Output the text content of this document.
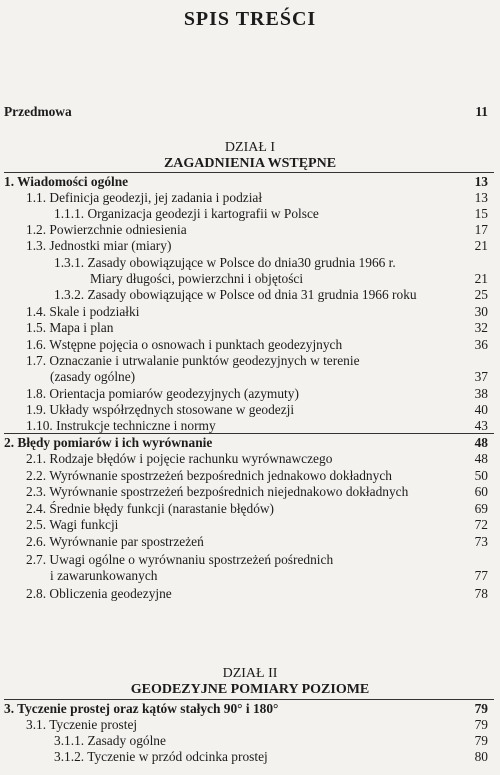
SPIS TREŚCI
Przedmowa	11
DZIAŁ I
ZAGADNIENIA WSTĘPNE
1. Wiadomości ogólne	13
1.1. Definicja geodezji, jej zadania i podział	13
1.1.1. Organizacja geodezji i kartografii w Polsce	15
1.2. Powierzchnie odniesienia	17
1.3. Jednostki miar (miary)	21
1.3.1. Zasady obowiązujące w Polsce do dnia30 grudnia 1966 r.
Miary długości, powierzchni i objętości	21
1.3.2. Zasady obowiązujące w Polsce od dnia 31 grudnia 1966 roku	25
1.4. Skale i podziałki	30
1.5. Mapa i plan	32
1.6. Wstępne pojęcia o osnowach i punktach geodezyjnych	36
1.7. Oznaczanie i utrwalanie punktów geodezyjnych w terenie
(zasady ogólne)	37
1.8. Orientacja pomiarów geodezyjnych (azymuty)	38
1.9. Układy współrzędnych stosowane w geodezji	40
1.10. Instrukcje techniczne i normy	43
2. Błędy pomiarów i ich wyrównanie	48
2.1. Rodzaje błędów i pojęcie rachunku wyrównawczego	48
2.2. Wyrównanie spostrzeżeń bezpośrednich jednakowo dokładnych	50
2.3. Wyrównanie spostrzeżeń bezpośrednich niejednakowo dokładnych	60
2.4. Średnie błędy funkcji (narastanie błędów)	69
2.5. Wagi funkcji	72
2.6. Wyrównanie par spostrzeżeń	73
2.7. Uwagi ogólne o wyrównaniu spostrzeżeń pośrednich
i zawarunkowanych	77
2.8. Obliczenia geodezyjne	78
DZIAŁ II
GEODEZYJNE POMIARY POZIOME
3. Tyczenie prostej oraz kątów stałych 90° i 180°	79
3.1. Tyczenie prostej	79
3.1.1. Zasady ogólne	79
3.1.2. Tyczenie w przód odcinka prostej	80
